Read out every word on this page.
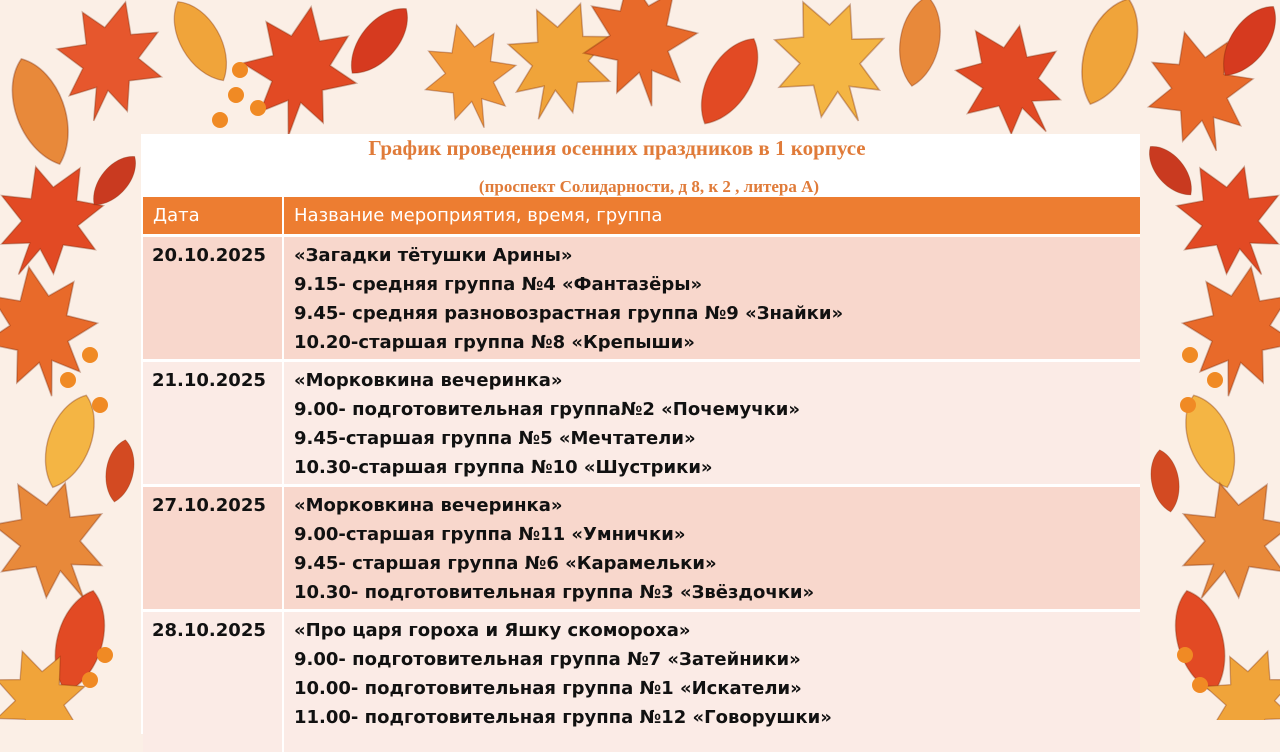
График проведения осенних праздников в 1 корпусе
(проспект Солидарности, д 8, к 2 , литера А)
Дата	Название мероприятия, время, группа
20.10.2025	«Загадки тётушки Арины»
9.15- средняя группа №4 «Фантазёры»
9.45- средняя разновозрастная группа №9 «Знайки»
10.20-старшая группа №8 «Крепыши»
21.10.2025	«Морковкина вечеринка»
9.00- подготовительная группа№2 «Почемучки»
9.45-старшая группа №5 «Мечтатели»
10.30-старшая группа №10 «Шустрики»
27.10.2025	«Морковкина вечеринка»
9.00-старшая группа №11 «Умнички»
9.45- старшая группа №6 «Карамельки»
10.30- подготовительная группа №3 «Звёздочки»
28.10.2025	«Про царя гороха и Яшку скомороха»
9.00- подготовительная группа №7 «Затейники»
10.00- подготовительная группа №1 «Искатели»
11.00- подготовительная группа №12 «Говорушки»
